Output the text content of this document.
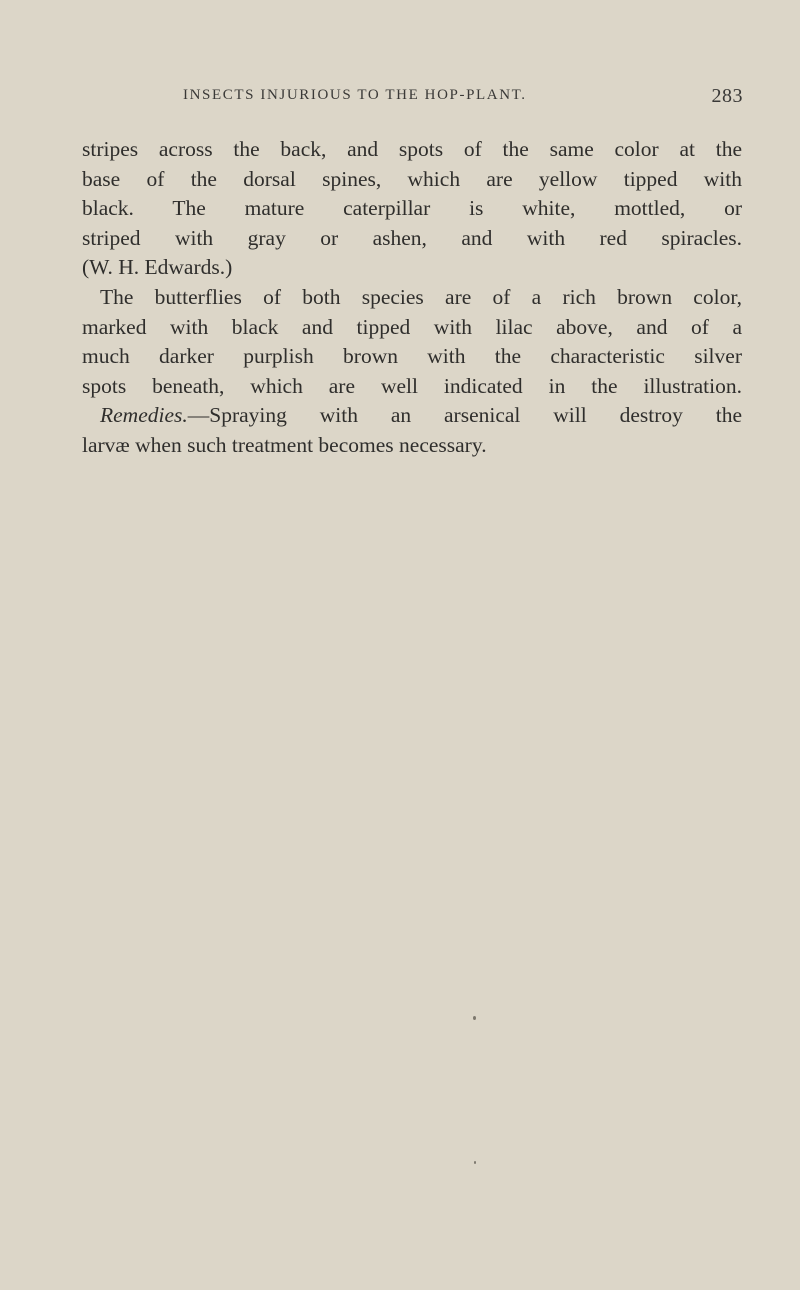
INSECTS INJURIOUS TO THE HOP-PLANT.	283
stripes across the back, and spots of the same color at the
base of the dorsal spines, which are yellow tipped with
black. The mature caterpillar is white, mottled, or
striped with gray or ashen, and with red spiracles.
(W. H. Edwards.)
The butterflies of both species are of a rich brown color,
marked with black and tipped with lilac above, and of a
much darker purplish brown with the characteristic silver
spots beneath, which are well indicated in the illustration.
Remedies.—Spraying with an arsenical will destroy the
larvæ when such treatment becomes necessary.
